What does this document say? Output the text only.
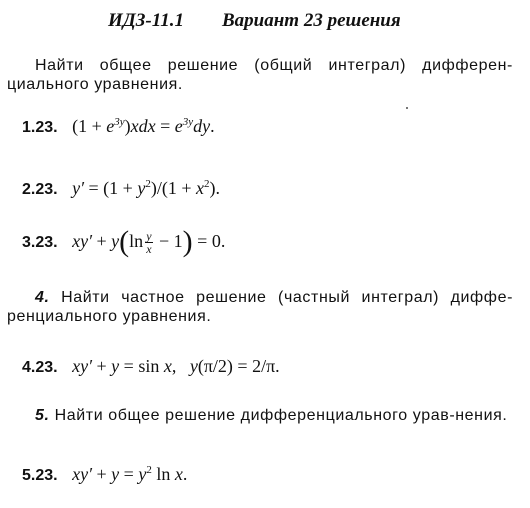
ИДЗ-11.1 Вариант 23 решения
Найти общее решение (общий интеграл) дифферен-циального уравнения.
1.23. $(1 + e^{3y})xdx = e^{3y}dy$.
2.23. $y' = (1 + y^2)/(1 + x^2)$.
3.23. $xy' + y(\ln \frac{y}{x} - 1) = 0$.
4. Найти частное решение (частный интеграл) диффе-ренциального уравнения.
4.23. xy′ + y = sin x,   y(π/2) = 2/π.
5. Найти общее решение дифференциального урав-нения.
5.23. $xy' + y = y^2$ ln x.
